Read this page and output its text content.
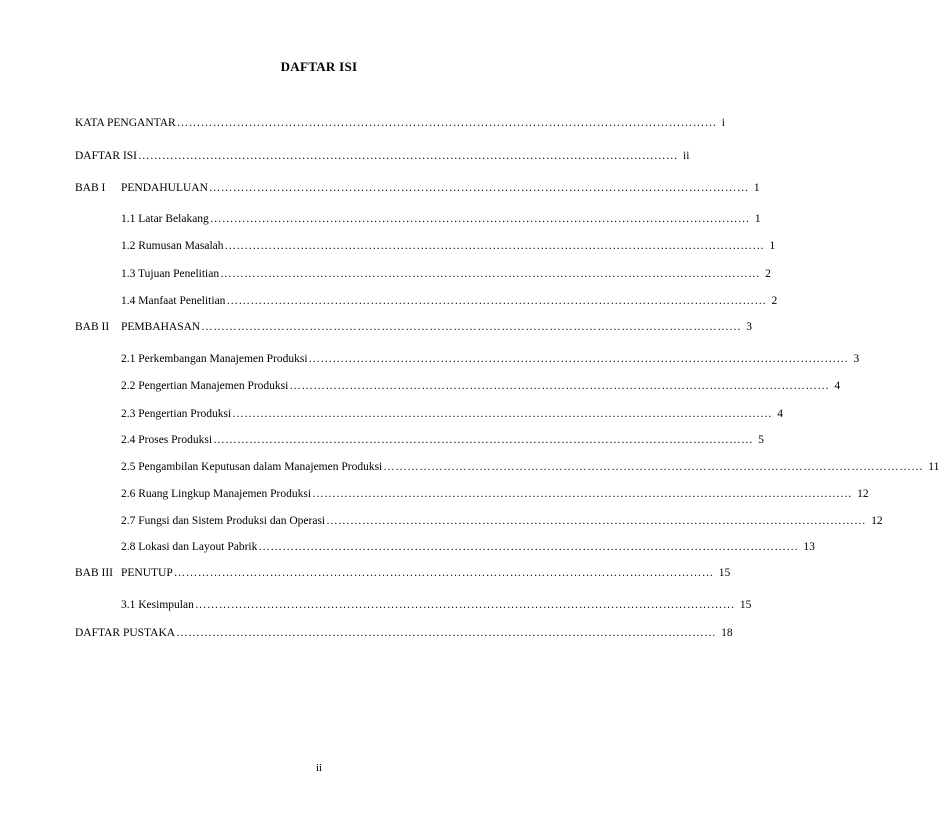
DAFTAR ISI
KATA PENGANTAR ……………………………………………………………………………………………………………………… i
DAFTAR ISI ……………………………………………………………………………………………………………………… ii
BAB I	PENDAHULUAN ……………………………………………………………………………………………………………………… 1
1.1 Latar Belakang ……………………………………………………………………………………………………………………… 1
1.2 Rumusan Masalah ……………………………………………………………………………………………………………………… 1
1.3 Tujuan Penelitian ……………………………………………………………………………………………………………………… 2
1.4 Manfaat Penelitian ……………………………………………………………………………………………………………………… 2
BAB II	PEMBAHASAN ……………………………………………………………………………………………………………………… 3
2.1 Perkembangan Manajemen Produksi ……………………………………………………………………………………………………………………… 3
2.2 Pengertian Manajemen Produksi ……………………………………………………………………………………………………………………… 4
2.3 Pengertian Produksi ……………………………………………………………………………………………………………………… 4
2.4 Proses Produksi ……………………………………………………………………………………………………………………… 5
2.5 Pengambilan Keputusan dalam Manajemen Produksi ……………………………………………………………………………………………………………………… 11
2.6 Ruang Lingkup Manajemen Produksi ……………………………………………………………………………………………………………………… 12
2.7 Fungsi dan Sistem Produksi dan Operasi ……………………………………………………………………………………………………………………… 12
2.8 Lokasi dan Layout Pabrik ……………………………………………………………………………………………………………………… 13
BAB III PENUTUP ……………………………………………………………………………………………………………………… 15
3.1 Kesimpulan ……………………………………………………………………………………………………………………… 15
DAFTAR PUSTAKA ……………………………………………………………………………………………………………………… 18
ii
